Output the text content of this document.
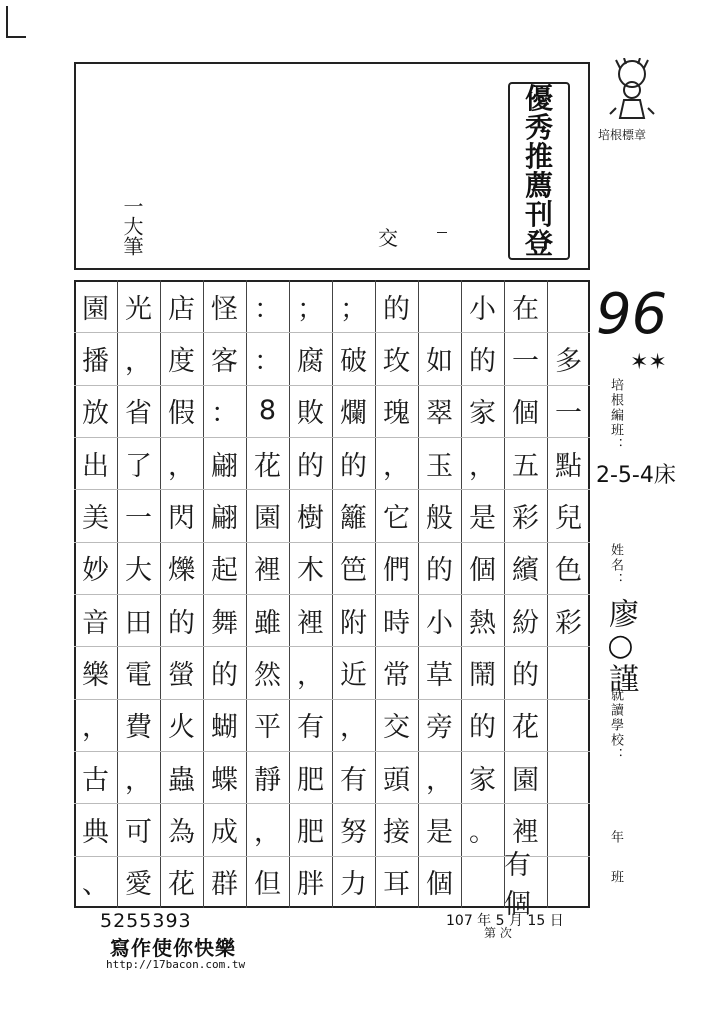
一大筆	交
優
秀
推
薦
刊
登
培根標章
96
✶✶
培根編班：
2-5-4床
姓名：
廖○謹
就讀學校：
年
班
多
一
點
兒
色
彩
在
一
個
五
彩
繽
紛
的
花
園
裡
有個
小
的
家
，
是
個
熱
鬧
的
家
。
如
翠
玉
般
的
小
草
旁
，
是
個
的
玫
瑰
，
它
們
時
常
交
頭
接
耳
；
破
爛
的
籬
笆
附
近
，
有
努
力
；
腐
敗
的
樹
木
裡
，
有
肥
肥
胖
：
：
8
花
園
裡
雖
然
平
靜
，
但
怪
客
：
翩
翩
起
舞
的
蝴
蝶
成
群
店
度
假
，
閃
爍
的
螢
火
蟲
為
花
光
，
省
了
一
大
田
電
費
，
可
愛
園
播
放
出
美
妙
音
樂
，
古
典
、
107 年 5 月 15 日
第 次
5255393
寫作使你快樂
http://17bacon.com.tw
